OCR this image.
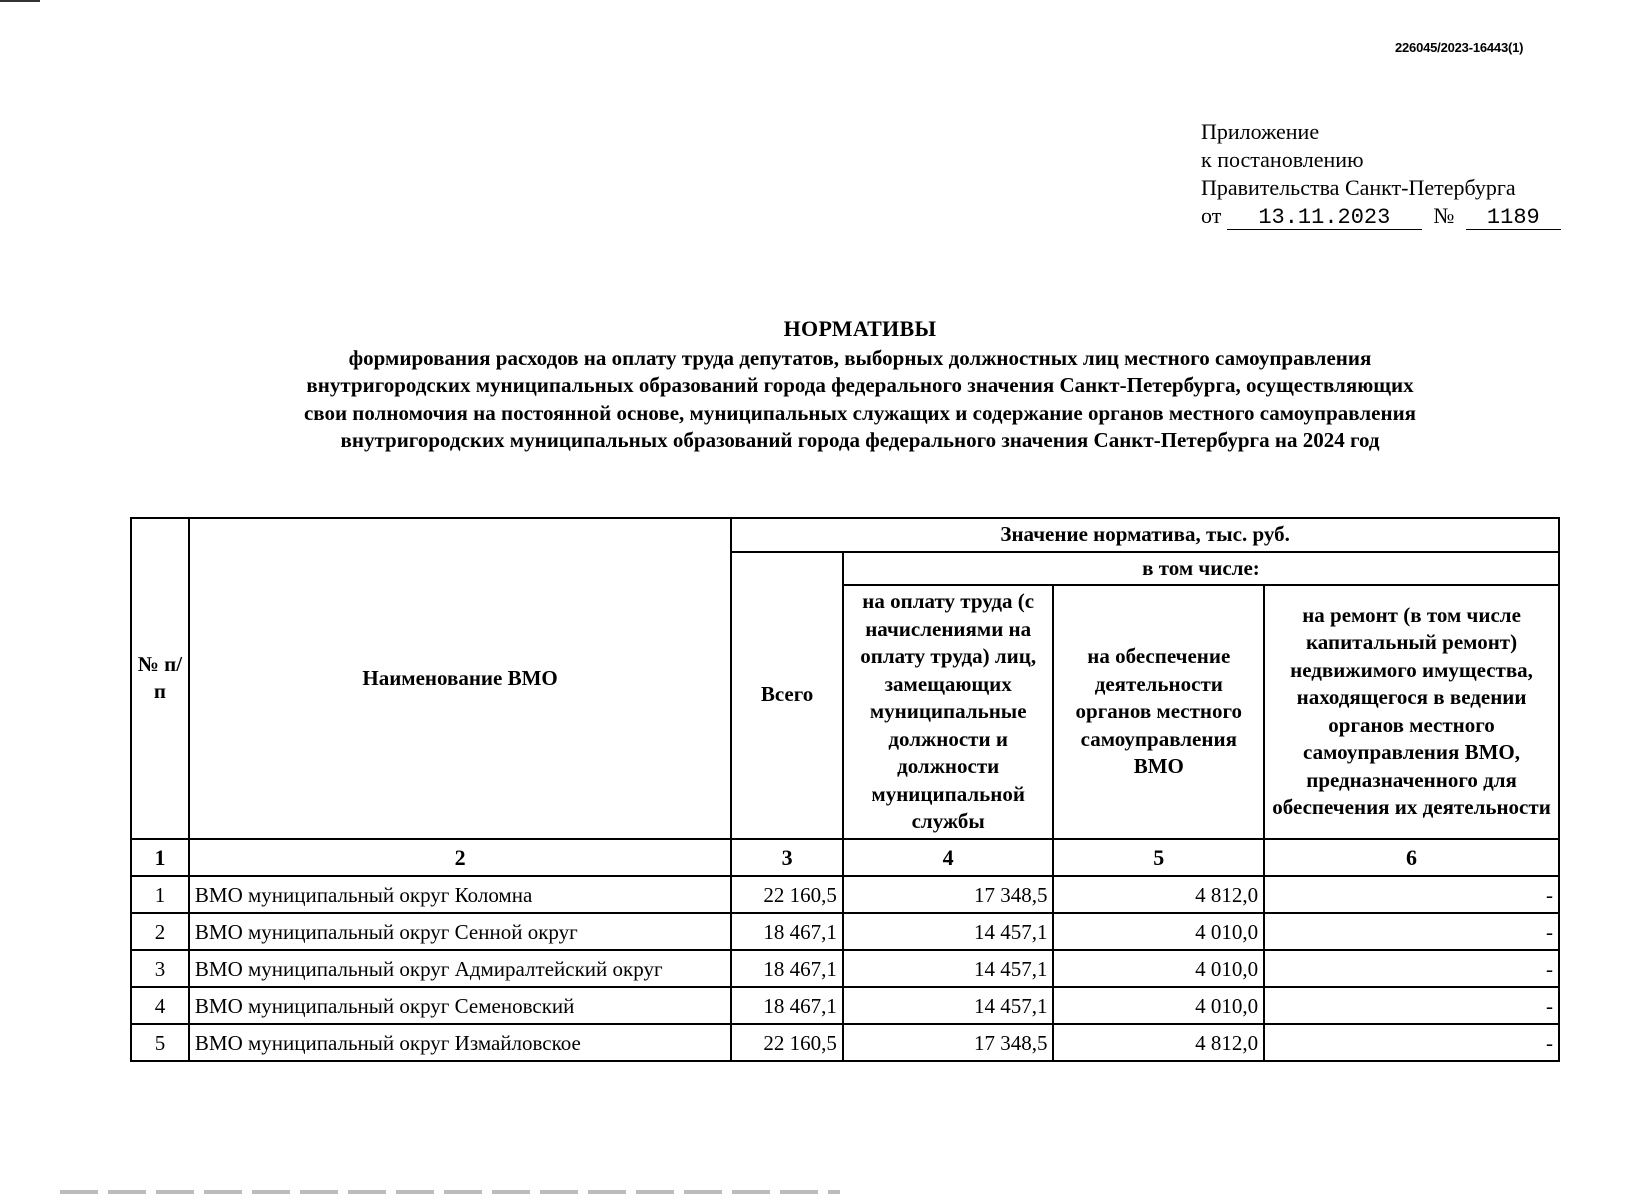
226045/2023-16443(1)
Приложение
к постановлению
Правительства Санкт-Петербурга
от 13.11.2023 № 1189
НОРМАТИВЫ
формирования расходов на оплату труда депутатов, выборных должностных лиц местного самоуправления
внутригородских муниципальных образований города федерального значения Санкт-Петербурга, осуществляющих
свои полномочия на постоянной основе, муниципальных служащих и содержание органов местного самоуправления
внутригородских муниципальных образований города федерального значения Санкт-Петербурга на 2024 год
№ п/п	Наименование ВМО	Значение норматива, тыс. руб.			
		Всего	в том числе:		
			на оплату труда (с начислениями на оплату труда) лиц, замещающих муниципальные должности и должности муниципальной службы	на обеспечение деятельности органов местного самоуправления ВМО	на ремонт (в том числе капитальный ремонт) недвижимого имущества, находящегося в ведении органов местного самоуправления ВМО, предназначенного для обеспечения их деятельности
1	2	3	4	5	6
1	ВМО муниципальный округ Коломна	22 160,5	17 348,5	4 812,0	-
2	ВМО муниципальный округ Сенной округ	18 467,1	14 457,1	4 010,0	-
3	ВМО муниципальный округ Адмиралтейский округ	18 467,1	14 457,1	4 010,0	-
4	ВМО муниципальный округ Семеновский	18 467,1	14 457,1	4 010,0	-
5	ВМО муниципальный округ Измайловское	22 160,5	17 348,5	4 812,0	-
